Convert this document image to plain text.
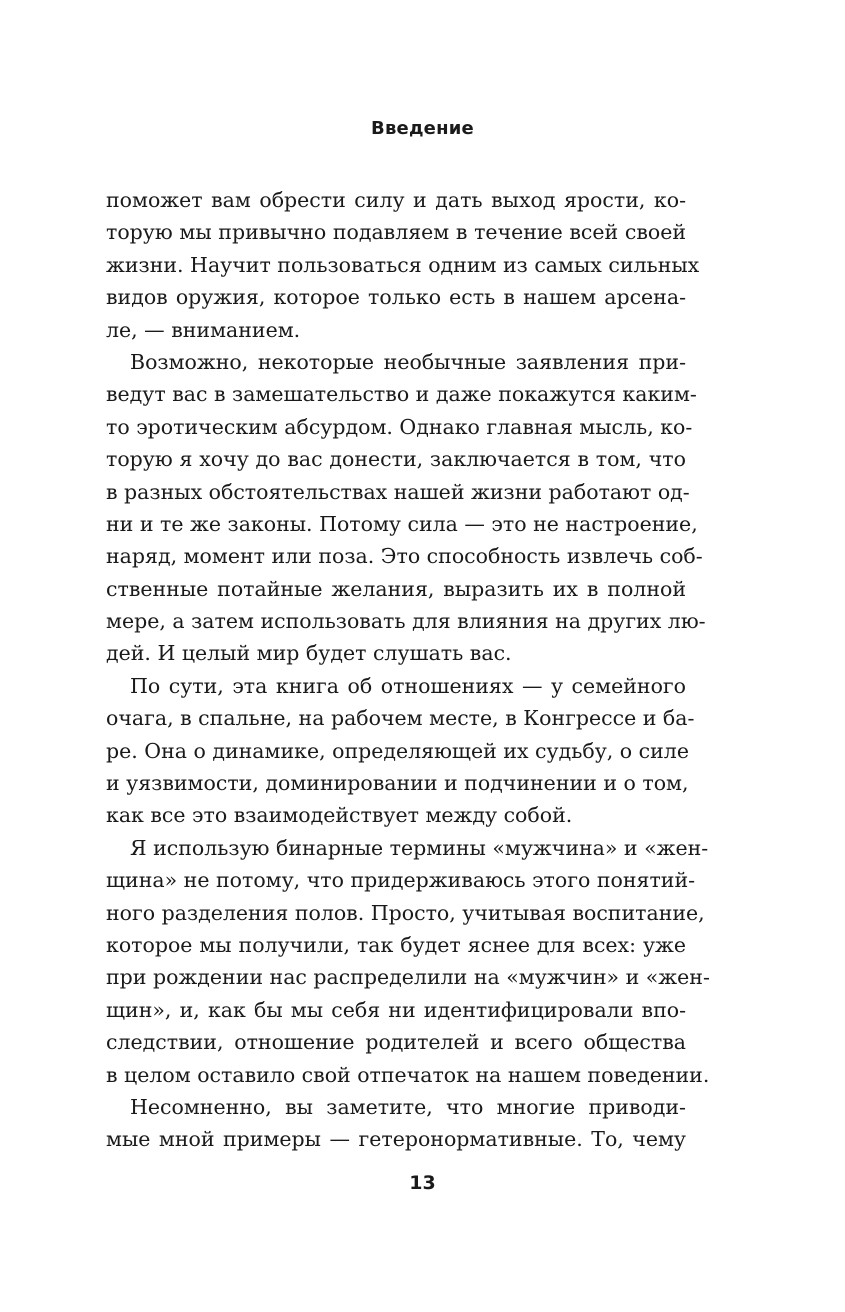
Введение
поможет вам обрести силу и дать выход ярости, ко-
торую мы привычно подавляем в течение всей своей
жизни. Научит пользоваться одним из самых сильных
видов оружия, которое только есть в нашем арсена-
ле, — вниманием.
Возможно, некоторые необычные заявления при-
ведут вас в замешательство и даже покажутся каким-
то эротическим абсурдом. Однако главная мысль, ко-
торую я хочу до вас донести, заключается в том, что
в разных обстоятельствах нашей жизни работают од-
ни и те же законы. Потому сила — это не настроение,
наряд, момент или поза. Это способность извлечь соб-
ственные потайные желания, выразить их в полной
мере, а затем использовать для влияния на других лю-
дей. И целый мир будет слушать вас.
По сути, эта книга об отношениях — у семейного
очага, в спальне, на рабочем месте, в Конгрессе и ба-
ре. Она о динамике, определяющей их судьбу, о силе
и уязвимости, доминировании и подчинении и о том,
как все это взаимодействует между собой.
Я использую бинарные термины «мужчина» и «жен-
щина» не потому, что придерживаюсь этого понятий-
ного разделения полов. Просто, учитывая воспитание,
которое мы получили, так будет яснее для всех: уже
при рождении нас распределили на «мужчин» и «жен-
щин», и, как бы мы себя ни идентифицировали впо-
следствии, отношение родителей и всего общества
в целом оставило свой отпечаток на нашем поведении.
Несомненно, вы заметите, что многие приводи-
мые мной примеры — гетеронормативные. То, чему
13
